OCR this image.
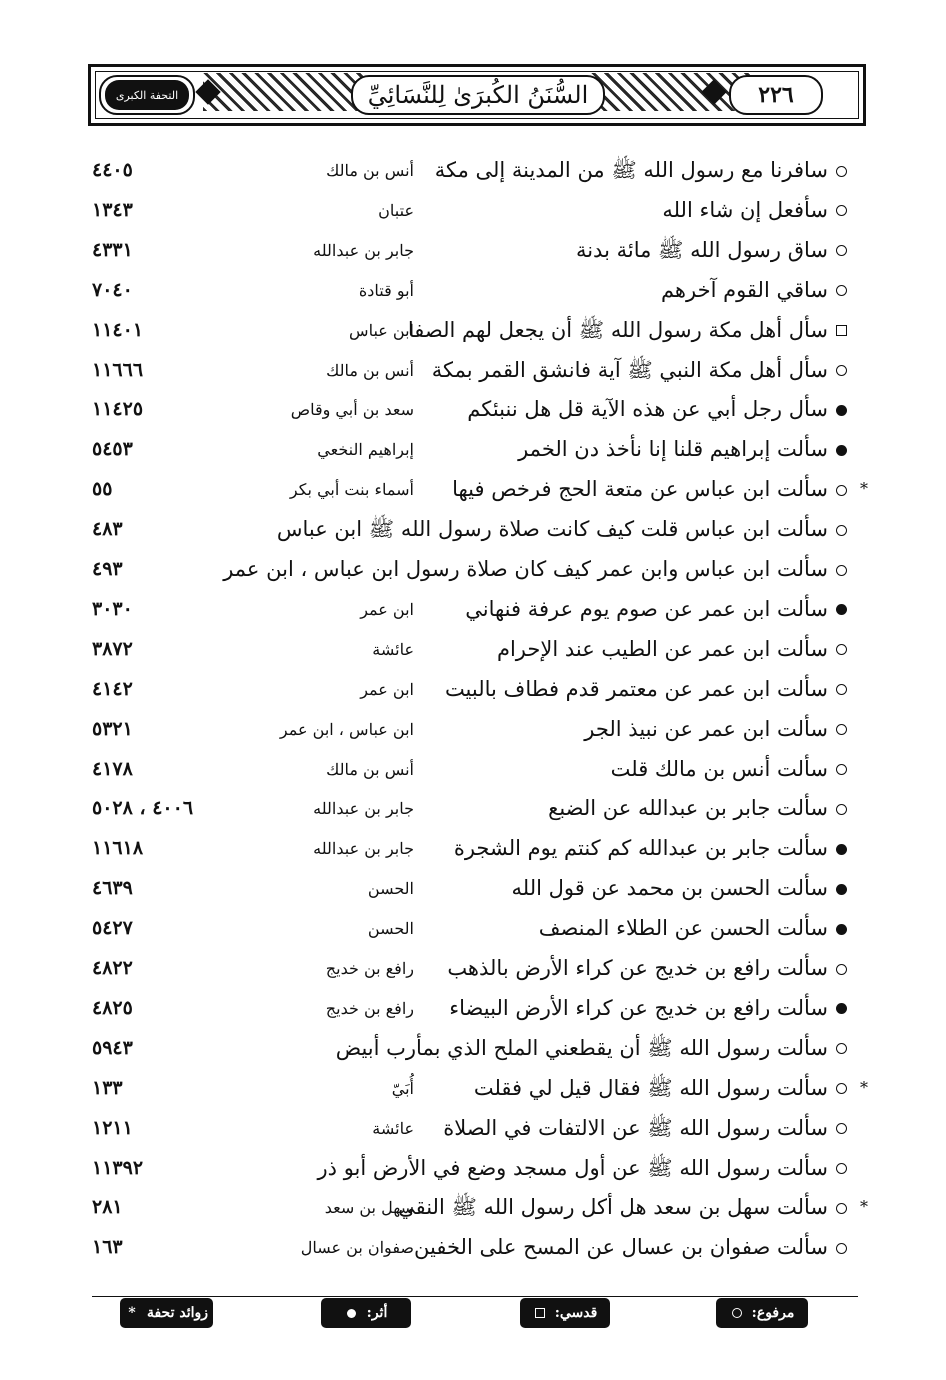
التحفة الكبرى	السُّنَنُ الكُبرَىٰ لِلنَّسَائِيِّ	٢٢٦
سافرنا مع رسول الله ﷺ من المدينة إلى مكة
أنس بن مالك
٤٤٠٥
سأفعل إن شاء الله
عتبان
١٣٤٣
ساق رسول الله ﷺ مائة بدنة
جابر بن عبدالله
٤٣٣١
ساقي القوم آخرهم
أبو قتادة
٧٠٤٠
سأل أهل مكة رسول الله ﷺ أن يجعل لهم الصفا
ابن عباس
١١٤٠١
سأل أهل مكة النبي ﷺ آية فانشق القمر بمكة
أنس بن مالك
١١٦٦٦
سأل رجل أبي عن هذه الآية قل هل ننبئكم
سعد بن أبي وقاص
١١٤٢٥
سألت إبراهيم قلنا إنا نأخذ دن الخمر
إبراهيم النخعي
٥٤٥٣
*
سألت ابن عباس عن متعة الحج فرخص فيها
أسماء بنت أبي بكر
٥٥
سألت ابن عباس قلت كيف كانت صلاة رسول الله ﷺ ابن عباس
٤٨٣
سألت ابن عباس وابن عمر كيف كان صلاة رسول ابن عباس ، ابن عمر
٤٩٣
سألت ابن عمر عن صوم يوم عرفة فنهاني
ابن عمر
٣٠٣٠
سألت ابن عمر عن الطيب عند الإحرام
عائشة
٣٨٧٢
سألت ابن عمر عن معتمر قدم فطاف بالبيت
ابن عمر
٤١٤٢
سألت ابن عمر عن نبيذ الجر
ابن عباس ، ابن عمر
٥٣٢١
سألت أنس بن مالك قلت
أنس بن مالك
٤١٧٨
سألت جابر بن عبدالله عن الضبع
جابر بن عبدالله
٤٠٠٦ ، ٥٠٢٨
سألت جابر بن عبدالله كم كنتم يوم الشجرة
جابر بن عبدالله
١١٦١٨
سألت الحسن بن محمد عن قول الله
الحسن
٤٦٣٩
سألت الحسن عن الطلاء المنصف
الحسن
٥٤٢٧
سألت رافع بن خديج عن كراء الأرض بالذهب
رافع بن خديج
٤٨٢٢
سألت رافع بن خديج عن كراء الأرض البيضاء
رافع بن خديج
٤٨٢٥
سألت رسول الله ﷺ أن يقطعني الملح الذي بمأرب أبيض
٥٩٤٣
*
سألت رسول الله ﷺ فقال قيل لي فقلت
أُبَيّ
١٣٣
سألت رسول الله ﷺ عن الالتفات في الصلاة
عائشة
١٢١١
سألت رسول الله ﷺ عن أول مسجد وضع في الأرض أبو ذر
١١٣٩٢
*
سألت سهل بن سعد هل أكل رسول الله ﷺ النقي
سهل بن سعد
٢٨١
سألت صفوان بن عسال عن المسح على الخفين
صفوان بن عسال
١٦٣
مرفوع:
قدسي:
أثر:
زوائد تحفة
*
